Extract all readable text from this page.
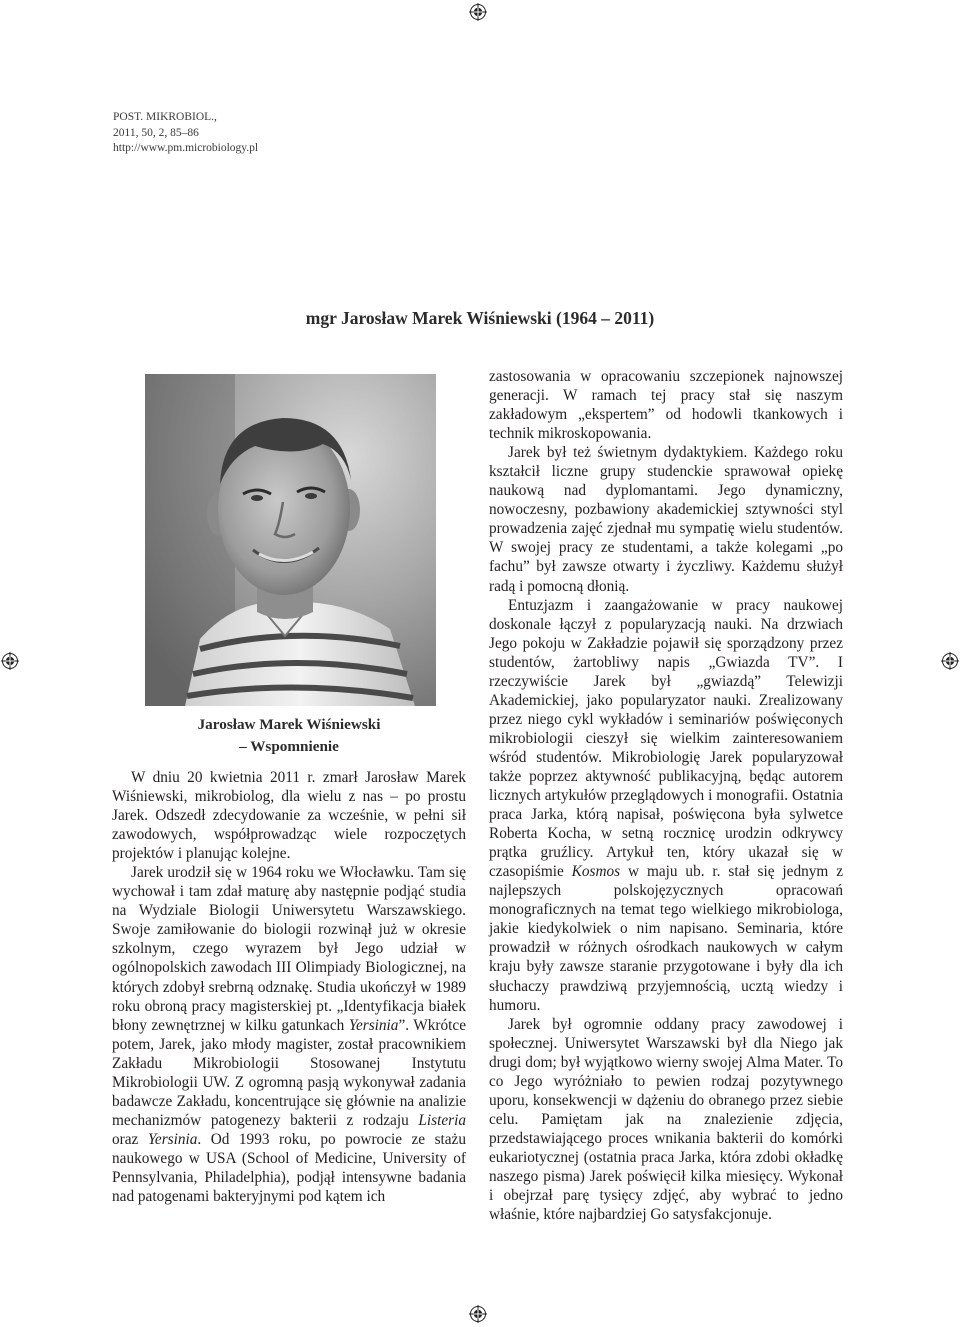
POST. MIKROBIOL.,
2011, 50, 2, 85–86
http://www.pm.microbiology.pl
mgr Jarosław Marek Wiśniewski (1964 – 2011)
Jarosław Marek Wiśniewski
– Wspomnienie

W dniu 20 kwietnia 2011 r. zmarł Jarosław Marek Wiśniewski, mikrobiolog, dla wielu z nas – po prostu Jarek. Odszedł zdecydowanie za wcześnie, w pełni sił zawodowych, współprowadząc wiele rozpoczętych projektów i planując kolejne.

Jarek urodził się w 1964 roku we Włocławku. Tam się wychował i tam zdał maturę aby następnie podjąć studia na Wydziale Biologii Uniwersytetu Warszawskiego. Swoje zamiłowanie do biologii rozwinął już w okresie szkolnym, czego wyrazem był Jego udział w ogólnopolskich zawodach III Olimpiady Biologicznej, na których zdobył srebrną odznakę. Studia ukończył w 1989 roku obroną pracy magisterskiej pt. „Identyfikacja białek błony zewnętrznej w kilku gatunkach Yersinia”. Wkrótce potem, Jarek, jako młody magister, został pracownikiem Zakładu Mikrobiologii Stosowanej Instytutu Mikrobiologii UW. Z ogromną pasją wykonywał zadania badawcze Zakładu, koncentrujące się głównie na analizie mechanizmów patogenezy bakterii z rodzaju Listeria oraz Yersinia. Od 1993 roku, po powrocie ze stażu naukowego w USA (School of Medicine, University of Pennsylvania, Philadelphia), podjął intensywne badania nad patogenami bakteryjnymi pod kątem ich

zastosowania w opracowaniu szczepionek najnowszej generacji. W ramach tej pracy stał się naszym zakładowym „ekspertem” od hodowli tkankowych i technik mikroskopowania.

Jarek był też świetnym dydaktykiem. Każdego roku kształcił liczne grupy studenckie sprawował opiekę naukową nad dyplomantami. Jego dynamiczny, nowoczesny, pozbawiony akademickiej sztywności styl prowadzenia zajęć zjednał mu sympatię wielu studentów. W swojej pracy ze studentami, a także kolegami „po fachu” był zawsze otwarty i życzliwy. Każdemu służył radą i pomocną dłonią.

Entuzjazm i zaangażowanie w pracy naukowej doskonale łączył z popularyzacją nauki. Na drzwiach Jego pokoju w Zakładzie pojawił się sporządzony przez studentów, żartobliwy napis „Gwiazda TV”. I rzeczywiście Jarek był „gwiazdą” Telewizji Akademickiej, jako popularyzator nauki. Zrealizowany przez niego cykl wykładów i seminariów poświęconych mikrobiologii cieszył się wielkim zainteresowaniem wśród studentów. Mikrobiologię Jarek popularyzował także poprzez aktywność publikacyjną, będąc autorem licznych artykułów przeglądowych i monografii. Ostatnia praca Jarka, którą napisał, poświęcona była sylwetce Roberta Kocha, w setną rocznicę urodzin odkrywcy prątka gruźlicy. Artykuł ten, który ukazał się w czasopiśmie Kosmos w maju ub. r. stał się jednym z najlepszych polskojęzycznych opracowań monograficznych na temat tego wielkiego mikrobiologa, jakie kiedykolwiek o nim napisano. Seminaria, które prowadził w różnych ośrodkach naukowych w całym kraju były zawsze staranie przygotowane i były dla ich słuchaczy prawdziwą przyjemnością, ucztą wiedzy i humoru.

Jarek był ogromnie oddany pracy zawodowej i społecznej. Uniwersytet Warszawski był dla Niego jak drugi dom; był wyjątkowo wierny swojej Alma Mater. To co Jego wyróżniało to pewien rodzaj pozytywnego uporu, konsekwencji w dążeniu do obranego przez siebie celu. Pamiętam jak na znalezienie zdjęcia, przedstawiającego proces wnikania bakterii do komórki eukariotycznej (ostatnia praca Jarka, która zdobi okładkę naszego pisma) Jarek poświęcił kilka miesięcy. Wykonał i obejrzał parę tysięcy zdjęć, aby wybrać to jedno właśnie, które najbardziej Go satysfakcjonuje.
